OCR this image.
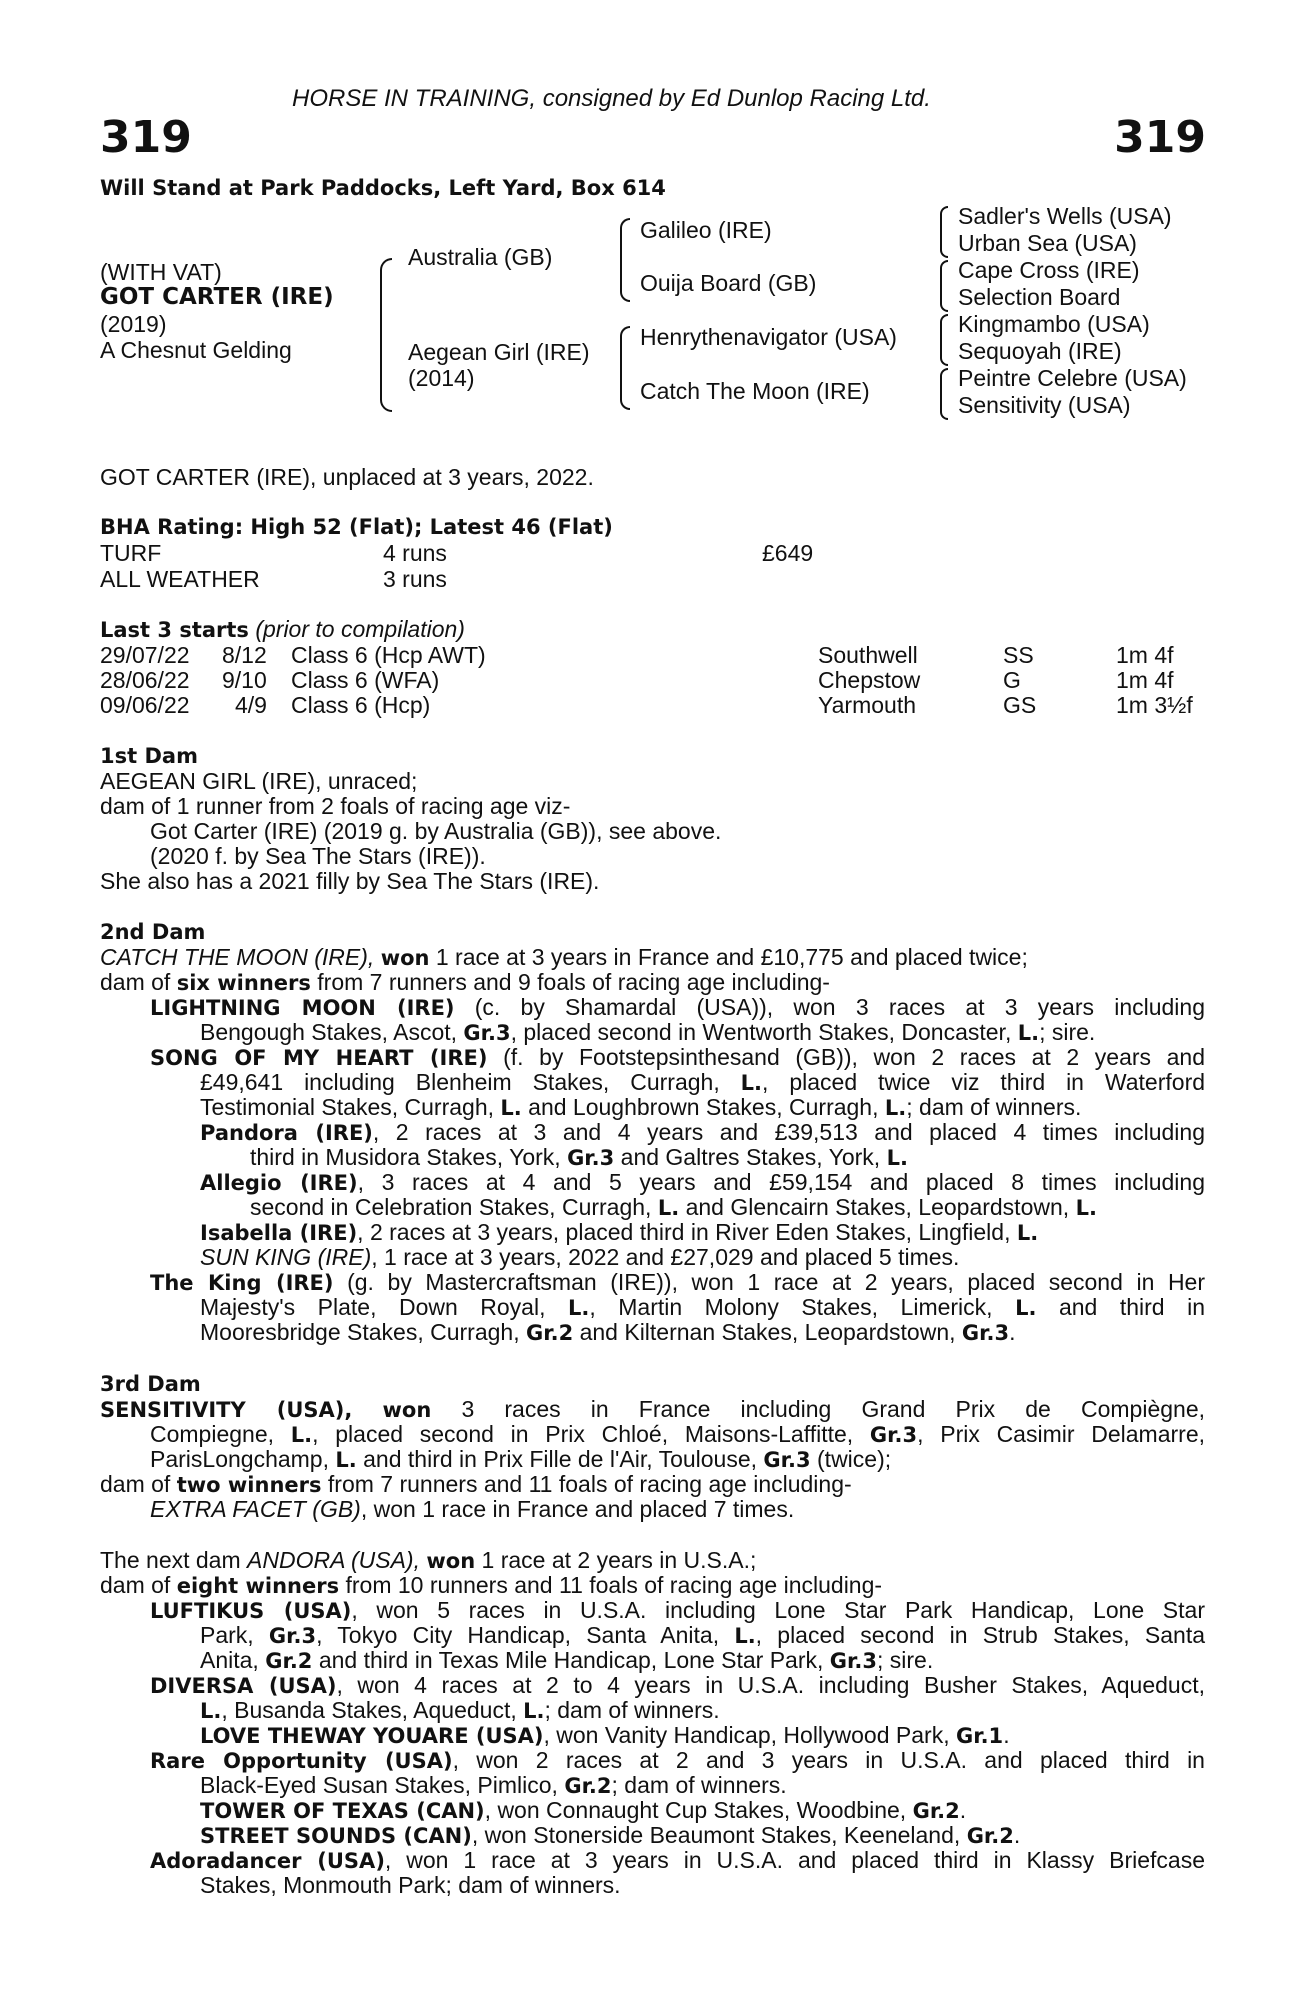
HORSE IN TRAINING, consigned by Ed Dunlop Racing Ltd.
319	319
Will Stand at Park Paddocks, Left Yard, Box 614
(WITH VAT)
GOT CARTER (IRE)
(2019)
A Chesnut Gelding
Australia (GB)
Aegean Girl (IRE)
(2014)
Galileo (IRE)
Ouija Board (GB)
Henrythenavigator (USA)
Catch The Moon (IRE)
Sadler's Wells (USA)
Urban Sea (USA)
Cape Cross (IRE)
Selection Board
Kingmambo (USA)
Sequoyah (IRE)
Peintre Celebre (USA)
Sensitivity (USA)
GOT CARTER (IRE), unplaced at 3 years, 2022.
BHA Rating: High 52 (Flat); Latest 46 (Flat)
TURF	4 runs	£649
ALL WEATHER	3 runs
Last 3 starts (prior to compilation)
29/07/22 8/12 Class 6 (Hcp AWT)	Southwell	SS	1m 4f
28/06/22 9/10 Class 6 (WFA)	Chepstow	G	1m 4f
09/06/22 4/9 Class 6 (Hcp)	Yarmouth	GS	1m 3½f
1st Dam
AEGEAN GIRL (IRE), unraced;
dam of 1 runner from 2 foals of racing age viz-
Got Carter (IRE) (2019 g. by Australia (GB)), see above.
(2020 f. by Sea The Stars (IRE)).
She also has a 2021 filly by Sea The Stars (IRE).
2nd Dam
CATCH THE MOON (IRE), won 1 race at 3 years in France and £10,775 and placed twice;
dam of six winners from 7 runners and 9 foals of racing age including-
LIGHTNING MOON (IRE) (c. by Shamardal (USA)), won 3 races at 3 years including
Bengough Stakes, Ascot, Gr.3, placed second in Wentworth Stakes, Doncaster, L.; sire.
SONG OF MY HEART (IRE) (f. by Footstepsinthesand (GB)), won 2 races at 2 years and
£49,641 including Blenheim Stakes, Curragh, L., placed twice viz third in Waterford
Testimonial Stakes, Curragh, L. and Loughbrown Stakes, Curragh, L.; dam of winners.
Pandora (IRE), 2 races at 3 and 4 years and £39,513 and placed 4 times including
third in Musidora Stakes, York, Gr.3 and Galtres Stakes, York, L.
Allegio (IRE), 3 races at 4 and 5 years and £59,154 and placed 8 times including
second in Celebration Stakes, Curragh, L. and Glencairn Stakes, Leopardstown, L.
Isabella (IRE), 2 races at 3 years, placed third in River Eden Stakes, Lingfield, L.
SUN KING (IRE), 1 race at 3 years, 2022 and £27,029 and placed 5 times.
The King (IRE) (g. by Mastercraftsman (IRE)), won 1 race at 2 years, placed second in Her
Majesty's Plate, Down Royal, L., Martin Molony Stakes, Limerick, L. and third in
Mooresbridge Stakes, Curragh, Gr.2 and Kilternan Stakes, Leopardstown, Gr.3.
3rd Dam
SENSITIVITY (USA), won 3 races in France including Grand Prix de Compiègne,
Compiegne, L., placed second in Prix Chloé, Maisons-Laffitte, Gr.3, Prix Casimir Delamarre,
ParisLongchamp, L. and third in Prix Fille de l'Air, Toulouse, Gr.3 (twice);
dam of two winners from 7 runners and 11 foals of racing age including-
EXTRA FACET (GB), won 1 race in France and placed 7 times.
The next dam ANDORA (USA), won 1 race at 2 years in U.S.A.;
dam of eight winners from 10 runners and 11 foals of racing age including-
LUFTIKUS (USA), won 5 races in U.S.A. including Lone Star Park Handicap, Lone Star
Park, Gr.3, Tokyo City Handicap, Santa Anita, L., placed second in Strub Stakes, Santa
Anita, Gr.2 and third in Texas Mile Handicap, Lone Star Park, Gr.3; sire.
DIVERSA (USA), won 4 races at 2 to 4 years in U.S.A. including Busher Stakes, Aqueduct,
L., Busanda Stakes, Aqueduct, L.; dam of winners.
LOVE THEWAY YOUARE (USA), won Vanity Handicap, Hollywood Park, Gr.1.
Rare Opportunity (USA), won 2 races at 2 and 3 years in U.S.A. and placed third in
Black-Eyed Susan Stakes, Pimlico, Gr.2; dam of winners.
TOWER OF TEXAS (CAN), won Connaught Cup Stakes, Woodbine, Gr.2.
STREET SOUNDS (CAN), won Stonerside Beaumont Stakes, Keeneland, Gr.2.
Adoradancer (USA), won 1 race at 3 years in U.S.A. and placed third in Klassy Briefcase
Stakes, Monmouth Park; dam of winners.
